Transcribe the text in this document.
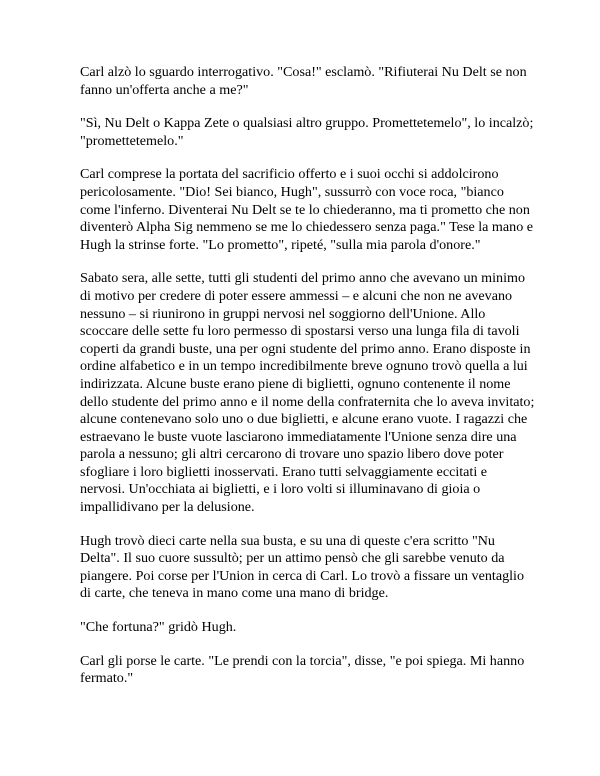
Carl alzò lo sguardo interrogativo. "Cosa!" esclamò. "Rifiuterai Nu Delt se non fanno un'offerta anche a me?"

"Sì, Nu Delt o Kappa Zete o qualsiasi altro gruppo. Promettetemelo", lo incalzò; "promettetemelo."

Carl comprese la portata del sacrificio offerto e i suoi occhi si addolcirono pericolosamente. "Dio! Sei bianco, Hugh", sussurrò con voce roca, "bianco come l'inferno. Diventerai Nu Delt se te lo chiederanno, ma ti prometto che non diventerò Alpha Sig nemmeno se me lo chiedessero senza paga." Tese la mano e Hugh la strinse forte. "Lo prometto", ripeté, "sulla mia parola d'onore."

Sabato sera, alle sette, tutti gli studenti del primo anno che avevano un minimo di motivo per credere di poter essere ammessi – e alcuni che non ne avevano nessuno – si riunirono in gruppi nervosi nel soggiorno dell'Unione. Allo scoccare delle sette fu loro permesso di spostarsi verso una lunga fila di tavoli coperti da grandi buste, una per ogni studente del primo anno. Erano disposte in ordine alfabetico e in un tempo incredibilmente breve ognuno trovò quella a lui indirizzata. Alcune buste erano piene di biglietti, ognuno contenente il nome dello studente del primo anno e il nome della confraternita che lo aveva invitato; alcune contenevano solo uno o due biglietti, e alcune erano vuote. I ragazzi che estraevano le buste vuote lasciarono immediatamente l'Unione senza dire una parola a nessuno; gli altri cercarono di trovare uno spazio libero dove poter sfogliare i loro biglietti inosservati. Erano tutti selvaggiamente eccitati e nervosi. Un'occhiata ai biglietti, e i loro volti si illuminavano di gioia o impallidivano per la delusione.

Hugh trovò dieci carte nella sua busta, e su una di queste c'era scritto "Nu Delta". Il suo cuore sussultò; per un attimo pensò che gli sarebbe venuto da piangere. Poi corse per l'Union in cerca di Carl. Lo trovò a fissare un ventaglio di carte, che teneva in mano come una mano di bridge.

"Che fortuna?" gridò Hugh.

Carl gli porse le carte. "Le prendi con la torcia", disse, "e poi spiega. Mi hanno fermato."
